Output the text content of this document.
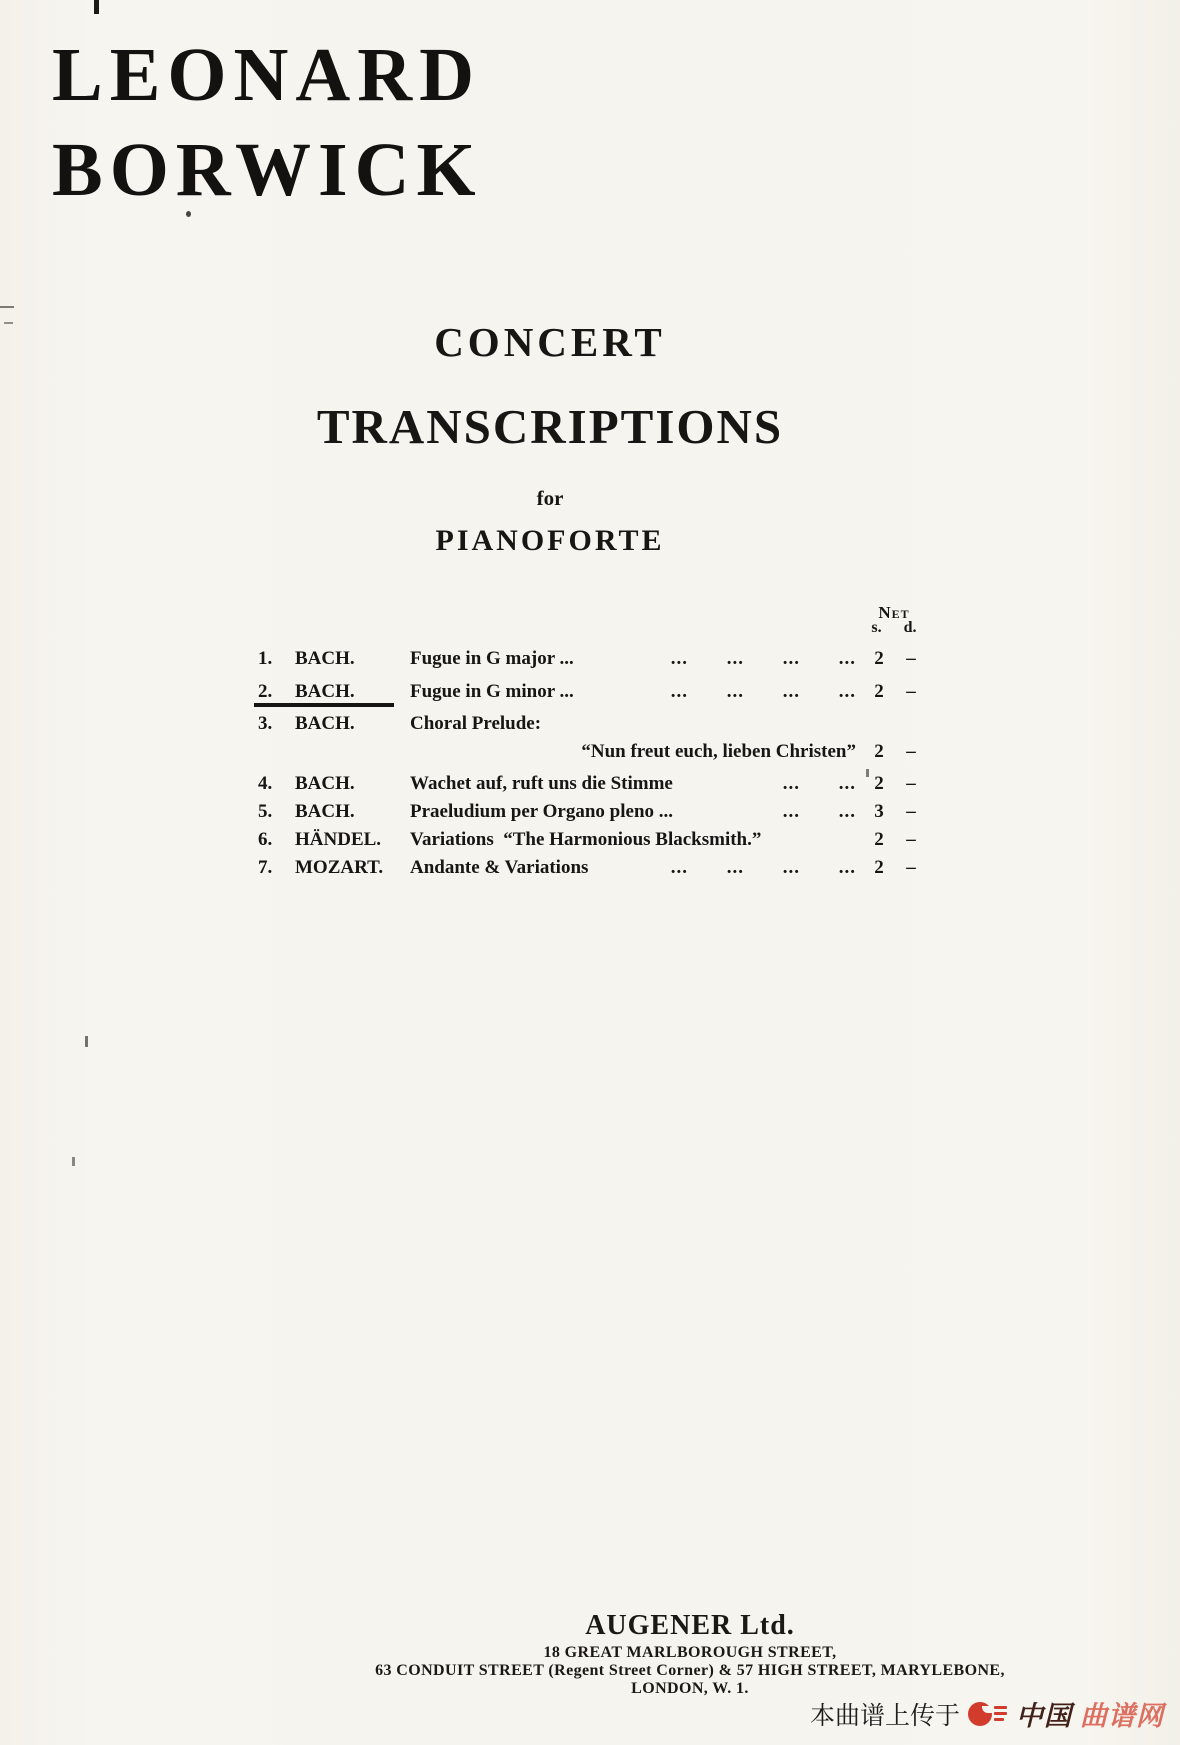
LEONARD
BORWICK
CONCERT
TRANSCRIPTIONS
for
PIANOFORTE
Net
s. d.
1.	BACH.	Fugue in G major ...	... ... ... ... 2	–
2.	BACH.	Fugue in G minor ...	... ... ... ... 2	–
3.	BACH.	Choral Prelude:
“Nun freut euch, lieben Christen” 2	–
4.	BACH.	Wachet auf, ruft uns die Stimme	... ... 2	–
5.	BACH.	Praeludium per Organo pleno ...	... ... 3	–
6.	HÄNDEL.	Variations  “The Harmonious Blacksmith.”	2	–
7.	MOZART.	Andante & Variations	... ... ... ... 2	–
AUGENER Ltd.
18 GREAT MARLBOROUGH STREET,
63 CONDUIT STREET (Regent Street Corner) & 57 HIGH STREET, MARYLEBONE,
LONDON, W. 1.
本曲谱上传于 中国 曲谱网
